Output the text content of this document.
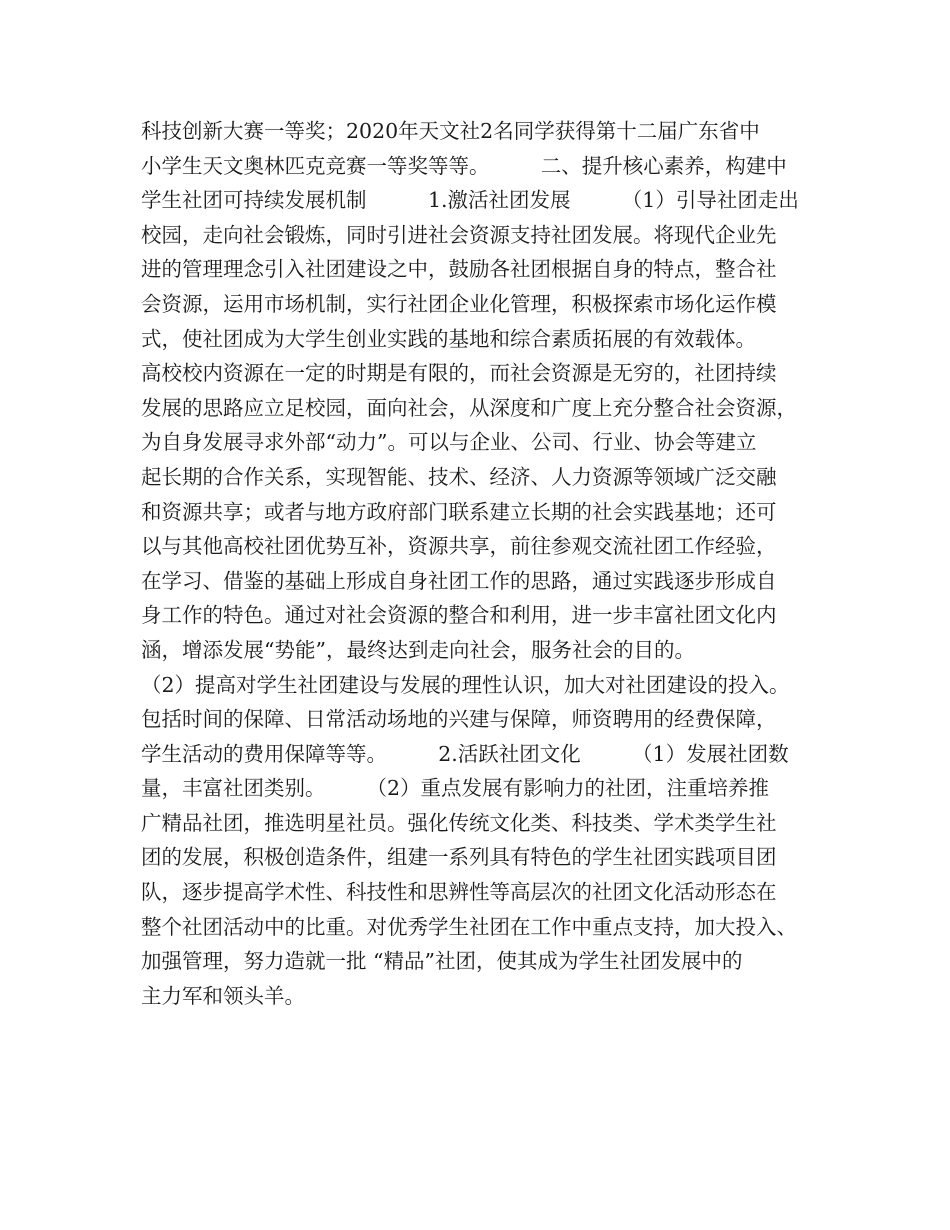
科技创新大赛一等奖；2020年天文社2名同学获得第十二届广东省中
小学生天文奥林匹克竞赛一等奖等等。　　　二、提升核心素养，构建中
学生社团可持续发展机制　　　1.激活社团发展　　　（1）引导社团走出
校园，走向社会锻炼，同时引进社会资源支持社团发展。将现代企业先
进的管理理念引入社团建设之中，鼓励各社团根据自身的特点，整合社
会资源，运用市场机制，实行社团企业化管理，积极探索市场化运作模
式，使社团成为大学生创业实践的基地和综合素质拓展的有效载体。
高校校内资源在一定的时期是有限的，而社会资源是无穷的，社团持续
发展的思路应立足校园，面向社会，从深度和广度上充分整合社会资源，
为自身发展寻求外部“动力”。可以与企业、公司、行业、协会等建立
起长期的合作关系，实现智能、技术、经济、人力资源等领域广泛交融
和资源共享；或者与地方政府部门联系建立长期的社会实践基地；还可
以与其他高校社团优势互补，资源共享，前往参观交流社团工作经验，
在学习、借鉴的基础上形成自身社团工作的思路，通过实践逐步形成自
身工作的特色。通过对社会资源的整合和利用，进一步丰富社团文化内
涵，增添发展“势能”，最终达到走向社会，服务社会的目的。
（2）提高对学生社团建设与发展的理性认识，加大对社团建设的投入。
包括时间的保障、日常活动场地的兴建与保障，师资聘用的经费保障，
学生活动的费用保障等等。　　　2.活跃社团文化　　　（1）发展社团数
量，丰富社团类别。　　　（2）重点发展有影响力的社团，注重培养推
广精品社团，推选明星社员。强化传统文化类、科技类、学术类学生社
团的发展，积极创造条件，组建一系列具有特色的学生社团实践项目团
队，逐步提高学术性、科技性和思辨性等高层次的社团文化活动形态在
整个社团活动中的比重。对优秀学生社团在工作中重点支持，加大投入、
加强管理，努力造就一批 “精品”社团，使其成为学生社团发展中的
主力军和领头羊。
